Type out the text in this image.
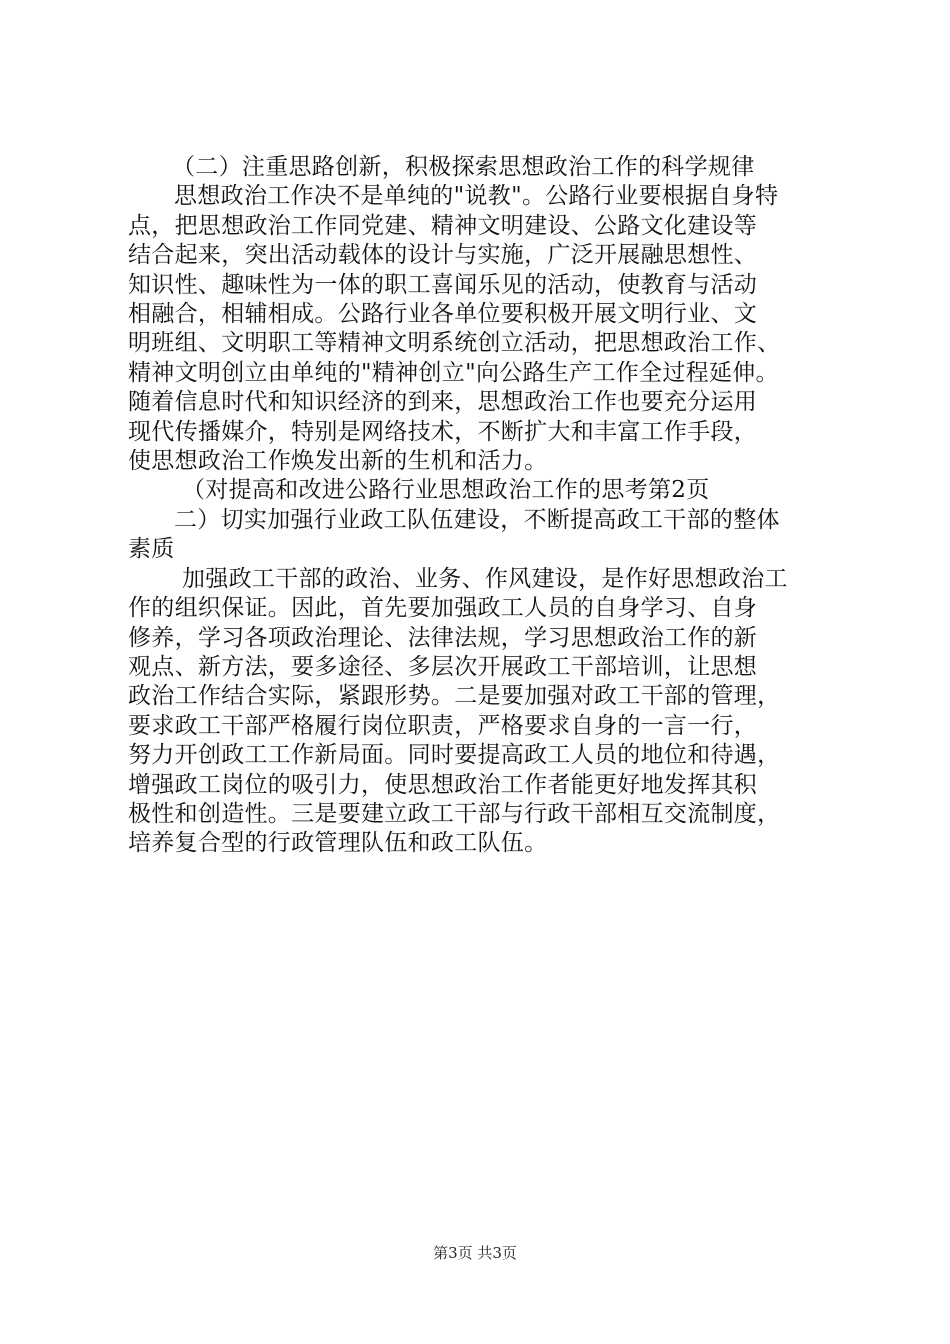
（二）注重思路创新，积极探索思想政治工作的科学规律

思想政治工作决不是单纯的"说教"。公路行业要根据自身特

点，把思想政治工作同党建、精神文明建设、公路文化建设等

结合起来，突出活动载体的设计与实施，广泛开展融思想性、

知识性、趣味性为一体的职工喜闻乐见的活动，使教育与活动

相融合，相辅相成。公路行业各单位要积极开展文明行业、文

明班组、文明职工等精神文明系统创立活动，把思想政治工作、

精神文明创立由单纯的"精神创立"向公路生产工作全过程延伸。

随着信息时代和知识经济的到来，思想政治工作也要充分运用

现代传播媒介，特别是网络技术，不断扩大和丰富工作手段，

使思想政治工作焕发出新的生机和活力。

（对提高和改进公路行业思想政治工作的思考第2页

二）切实加强行业政工队伍建设，不断提高政工干部的整体

素质

加强政工干部的政治、业务、作风建设，是作好思想政治工

作的组织保证。因此，首先要加强政工人员的自身学习、自身

修养，学习各项政治理论、法律法规，学习思想政治工作的新

观点、新方法，要多途径、多层次开展政工干部培训，让思想

政治工作结合实际，紧跟形势。二是要加强对政工干部的管理，

要求政工干部严格履行岗位职责，严格要求自身的一言一行，

努力开创政工工作新局面。同时要提高政工人员的地位和待遇，

增强政工岗位的吸引力，使思想政治工作者能更好地发挥其积

极性和创造性。三是要建立政工干部与行政干部相互交流制度，

培养复合型的行政管理队伍和政工队伍。

第3页 共3页
